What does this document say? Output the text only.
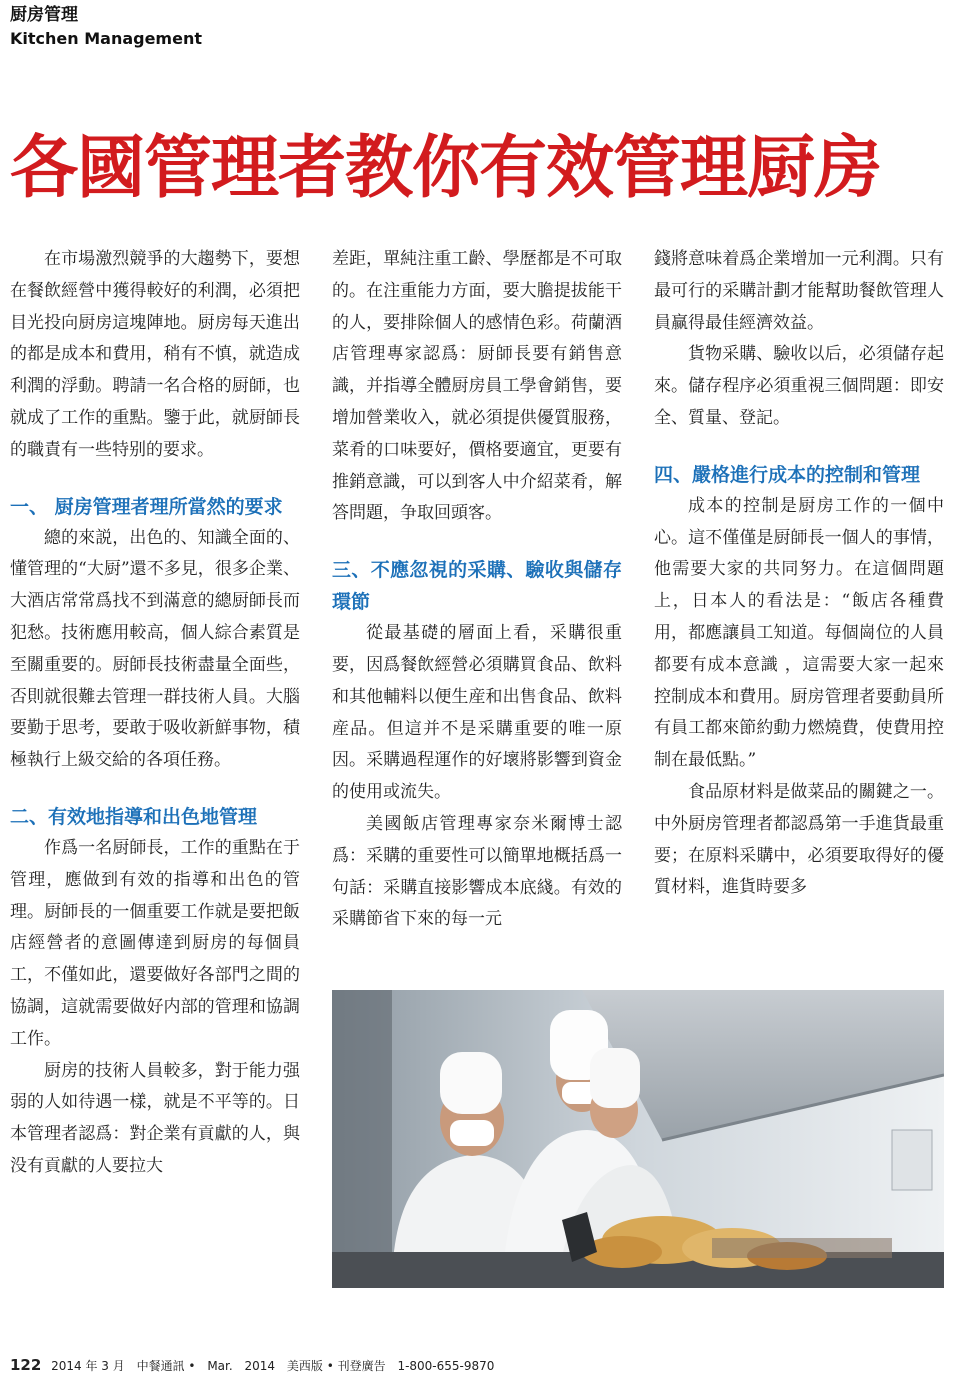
厨房管理
Kitchen Management
各國管理者教你有效管理厨房

在市場激烈競爭的大趨勢下，要想在餐飲經營中獲得較好的利潤，必須把目光投向厨房這塊陣地。厨房每天進出的都是成本和費用，稍有不慎，就造成利潤的浮動。聘請一名合格的厨師，也就成了工作的重點。鑒于此，就厨師長的職責有一些特别的要求。

一、 厨房管理者理所當然的要求

總的來説，出色的、知識全面的、懂管理的“大厨”還不多見，很多企業、大酒店常常爲找不到滿意的總厨師長而犯愁。技術應用較高，個人綜合素質是至關重要的。厨師長技術盡量全面些，否則就很難去管理一群技術人員。大腦要勤于思考，要敢于吸收新鮮事物，積極執行上級交給的各項任務。

二、有效地指導和出色地管理

作爲一名厨師長，工作的重點在于管理，應做到有效的指導和出色的管理。厨師長的一個重要工作就是要把飯店經營者的意圖傳達到厨房的每個員工，不僅如此，還要做好各部門之間的協調，這就需要做好内部的管理和協調工作。

厨房的技術人員較多，對于能力强弱的人如待遇一樣，就是不平等的。日本管理者認爲：對企業有貢獻的人，與没有貢獻的人要拉大

差距，單純注重工齡、學歷都是不可取的。在注重能力方面，要大膽提拔能干的人，要排除個人的感情色彩。荷蘭酒店管理專家認爲：厨師長要有銷售意識，并指導全體厨房員工學會銷售，要增加營業收入，就必須提供優質服務，菜肴的口味要好，價格要適宜，更要有推銷意識，可以到客人中介紹菜肴，解答問題，争取回頭客。

三、不應忽視的采購、驗收與儲存環節

從最基礎的層面上看，采購很重要，因爲餐飲經營必須購買食品、飲料和其他輔料以便生産和出售食品、飲料産品。但這并不是采購重要的唯一原因。采購過程運作的好壞將影響到資金的使用或流失。

美國飯店管理專家奈米爾博士認爲：采購的重要性可以簡單地概括爲一句話：采購直接影響成本底綫。有效的采購節省下來的每一元

錢將意味着爲企業增加一元利潤。只有最可行的采購計劃才能幫助餐飲管理人員赢得最佳經濟效益。

貨物采購、驗收以后，必須儲存起來。儲存程序必須重視三個問題：即安全、質量、登記。

四、嚴格進行成本的控制和管理

成本的控制是厨房工作的一個中心。這不僅僅是厨師長一個人的事情，他需要大家的共同努力。在這個問題上，日本人的看法是：“飯店各種費用，都應讓員工知道。每個崗位的人員都要有成本意識 ，這需要大家一起來控制成本和費用。厨房管理者要動員所有員工都來節約動力燃燒費，使費用控制在最低點。”

食品原材料是做菜品的關鍵之一。中外厨房管理者都認爲第一手進貨最重要；在原料采購中，必須要取得好的優質材料，進貨時要多

122 2014 年 3 月 中餐通訊 • Mar. 2014 美西版 • 刊登廣告 1-800-655-9870
